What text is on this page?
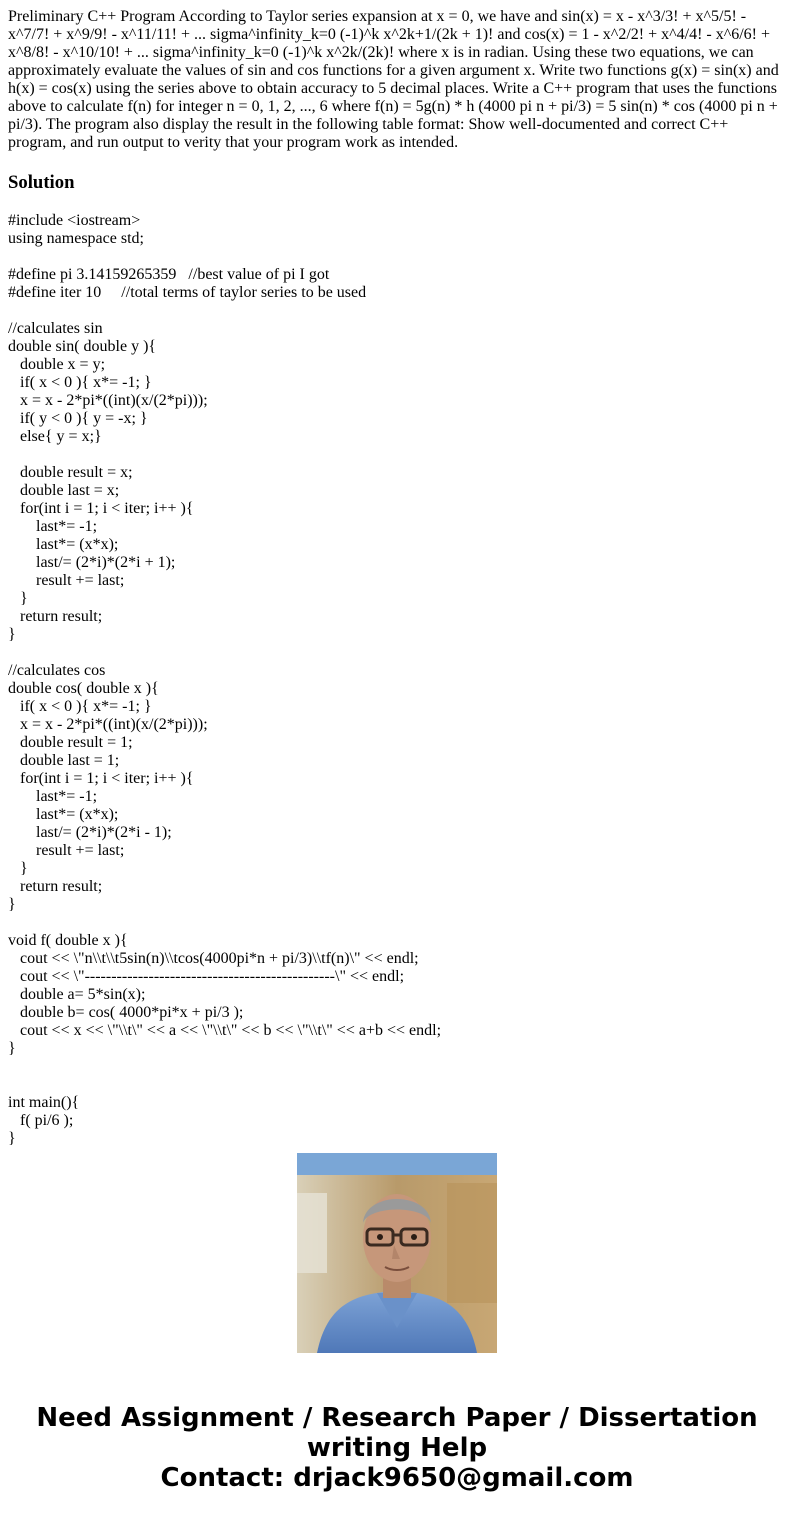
Preliminary C++ Program According to Taylor series expansion at x = 0, we have and sin(x) = x - x^3/3! + x^5/5! - x^7/7! + x^9/9! - x^11/11! + ... sigma^infinity_k=0 (-1)^k x^2k+1/(2k + 1)! and cos(x) = 1 - x^2/2! + x^4/4! - x^6/6! + x^8/8! - x^10/10! + ... sigma^infinity_k=0 (-1)^k x^2k/(2k)! where x is in radian. Using these two equations, we can approximately evaluate the values of sin and cos functions for a given argument x. Write two functions g(x) = sin(x) and h(x) = cos(x) using the series above to obtain accuracy to 5 decimal places. Write a C++ program that uses the functions above to calculate f(n) for integer n = 0, 1, 2, ..., 6 where f(n) = 5g(n) * h (4000 pi n + pi/3) = 5 sin(n) * cos (4000 pi n + pi/3). The program also display the result in the following table format: Show well-documented and correct C++ program, and run output to verity that your program work as intended.
Solution
#include <iostream>
using namespace std;
#define pi 3.14159265359   //best value of pi I got
#define iter 10     //total terms of taylor series to be used
//calculates sin
double sin( double y ){
double x = y;
if( x < 0 ){ x*= -1; }
x = x - 2*pi*((int)(x/(2*pi)));
if( y < 0 ){ y = -x; }
else{ y = x;}
double result = x;
double last = x;
for(int i = 1; i < iter; i++ ){
last*= -1;
last*= (x*x);
last/= (2*i)*(2*i + 1);
result += last;
}
return result;
}
//calculates cos
double cos( double x ){
if( x < 0 ){ x*= -1; }
x = x - 2*pi*((int)(x/(2*pi)));
double result = 1;
double last = 1;
for(int i = 1; i < iter; i++ ){
last*= -1;
last*= (x*x);
last/= (2*i)*(2*i - 1);
result += last;
}
return result;
}
void f( double x ){
cout << \"n\\t\\t5sin(n)\\tcos(4000pi*n + pi/3)\\tf(n)\" << endl;
cout << \"-----------------------------------------------\" << endl;
double a= 5*sin(x);
double b= cos( 4000*pi*x + pi/3 );
cout << x << \"\\t\" << a << \"\\t\" << b << \"\\t\" << a+b << endl;
}
int main(){
f( pi/6 );
}
Need Assignment / Research Paper / Dissertation
writing Help
Contact: drjack9650@gmail.com
